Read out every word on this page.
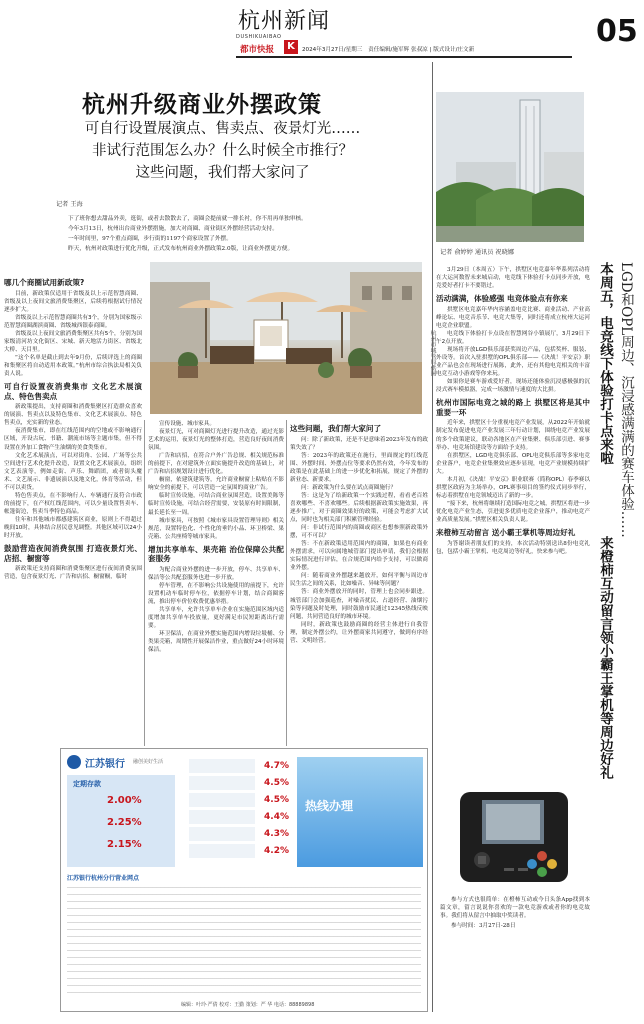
杭州新闻
DUSHIKUAIBAO
都市快报	K	2024年3月27日/星期三 责任编辑/施军辉 张叔凉 | 版式设计/庄文新
05
杭州升级商业外摆政策
可自行设置展演点、售卖点、夜景灯光……
非试行范围怎么办？什么时候全市推行？
这些问题，我们帮大家问了
记者 王海
下了班你想去甜品外卖，逛街，或者去散散去了，商圈会提前就一排长衬，你不用再单独审核。
今年3月13日，杭州出台商业外摆措施，加大对商圈、商业街区外摆经营活动支持。
一年时间里，97个重点商圈，步行街的1197个商家设置了外摆。
昨天，杭州对政策进行优化升级，正式发布杭州商业外摆政策2.0版，让商业外摆更方便。
哪几个商圈试用新政策?

目前，新政策仅适用于省级及以上示范智慧商圈、省级及以上夜间文旅消费集聚区，后续将根据试行情况逐步扩大。

省级及以上示范智慧商圈共有3个，分别为国家级示范智慧商圈湖滨商圈、省级城西银泰商圈。

省级及以上夜间文旅消费集聚区共有5个，分别为国家级清河坊文化街区、宋城、新天地活力街区、省级北大桥、天目里。

“这个名单是截止到去年9月份，后续评选上的商圈和集聚区将自动适用本政策。”杭州市综合执法局相关负责人说。

可自行设置夜消费集市 文化艺术展演点、特色售卖点

新政策提出，支持商圈和消费集聚区打造群众喜欢的展演、售卖点以及特色集市、文化艺术展演点、特色售卖点，充实新的业态。

夜消费集市，即在红线范围内的空地或不影响通行区域，开设古玩、书籍、潮流市场等主题市集，但不得设置在外加工食物产生油烟的美食类集市。

文化艺术展演点，可以对街角、公园、广场等公共空间进行艺术化提升改造，设置文化艺术展演点，组织文艺表演等，例如走街、声乐、舞蹈团，或者街头魔术、文艺展示、非遗展演以及地文化，体育等活动，但不可以卖货。

特色售卖点，在不影响行人、车辆通行及符合市政的前提下，在产权红线范围内，可以少量设置售卖车、帐篷街边，售卖当季特色商品。

往年和其他城市都感建筑区商业，原则上不得超过晚间10时，具体结合居民意见调整。其他区域可以24小时开放。

鼓励营造夜间消费氛围 打造夜景灯光、店招、橱窗等

新政策还支持商圈和消费集聚区进行夜间消费氛围营造，包含夜景灯光、广告和店招、橱窗橱，临时

宣传设施、城市家具。

夜景灯光，可对商圈灯光进行提升改造，通过光影艺术的运用，夜景灯光的整体打造，营造良好夜间消费氛围。

广告和店招，在符合户外广告总规、相关规范标准的前提下，在对建筑外立面实施提升改造的基础上，对广告和店招规划设计进行优化。

橱窗，依建筑建筑等，允许商业橱窗上粘贴在不影响安全的前提下，可以营造一定氛围的商业广告。

临时宣传设施，可结合商业氛围营造，设置美陈等临时宣传设施，可结合经营需要，安装原有时间限制，最长延长至一周。

城市家具，可按照《城市家具设置管理导则》相关规范，设置特色化、个性化的垂钓小品、环卫桥梁、果壳箱、公共座椅等城市家具。

增加共享单车、果壳箱 治位保障公共配套服务

为配合商业外摆的进一步开放，停车、共享单车、保洁等公共配套服务也进一步开放。

停车管理，在不影响公共设施使用的前提下，允许设置机动车临时停车位，依据停车计划，结合商圈客流，推出停车价位收费优惠举措。

共享单车，允许共享单车企业在实施范围区域内适度增加共享单车投放量，更好满足市民短距离出行需要。

环卫保洁，在商业外摆实施范围内增设垃圾桶、分类果壳箱，周期性开展保洁作业，重点做好24小时环境保洁。

这些问题，我们帮大家问了

问：除了新政策，还是不是意味着2023年发布的政策失效了？

答：2023年的政策还在施行，里面规定的红线范围、外摆时间、外摆点位等要求仍然有效，今年发布的政策是在此基础上的进一步优化和拓展，规定了外摆的新业态、新要求。

问：新政策为什么要在试点商圈施行？

答：这是为了给新政策一个实践过程，看看老百姓喜欢哪些、不喜欢哪些。后续根据新政策实施效果，再逐步推广，对于商圈效果好的政策，可能会考虑扩大试点，同时也为相关部门积累管理经验。

问：非试行范围内的商圈或商区也想参照新政策外摆，可不可以？

答：不在新政策适用范围内的商圈，如果也有商业外摆需求，可以向属地城管部门提出申请，我们会根据实际情况进行评估，在合规范围内给予支持，可以做商业外摆。

问：随着商业外摆越来越放开，如何平衡与周边市民生活之间的关系，比如噪音、异味等问题？

答：商业外摆放开的同时，管理上也会同步跟进。城管部门会加强巡查，对噪音扰民、占道经营、油烟污染等问题及时处理，同时鼓励市民通过12345热线反映问题，共同营造良好的城市环境。

同时，新政策也鼓励商圈的经营主体进行自我管理，制定外摆公约，让外摆商家共同遵守，做到有序经营、文明经营。

记者 俞婷婷 通讯员 祝晓娜
LGD和OPL周边、沉浸感满满的赛车体验……
本周五，电竞线下体验打卡点来啦
来橙柿互动留言领小霸王掌机等周边好礼

3月29日（本周五）下午，拱墅区电竞嘉年华系列活动将在大运河数智未来城启动，电竞线下体验打卡点同步开放，电竞爱好者打卡不要错过。

活动满满，体验感强 电竞体验点有你来

拱墅区电竞嘉年华内容涵盖电竞比赛、商业活动、产业高峰论坛、电竞音乐节、电竞大集等，同时还将成立杭州大运河电竞企业联盟。

电竞线下体验打卡点设在智慧网谷小镇展厅，3月29日下午2点开放。

现场将开放LGD俱乐部获奖周边产品，包括奖杯、服装、外设等。首次入驻拱墅的OPL俱乐部——《决战！平安京》职业产品也会在现场进行展陈，此外，还有其他电竞相关的丰富电竞互动小游戏等你来玩。

如果你是赛车游戏爱好者，现场还能体验沉浸感极强的沉浸式赛车模拟器，完成一场激情与速度的大比拼。

杭州市国际电竞之城的路上 拱墅区将是其中重要一环

近年来，拱墅区十分重视电竞产业发展，从2022年开始就制定发布促进电竞产业发展三年行动计划，围绕电竞产业发展的多个政策建议，联动各地区在产业集聚、俱乐部引进、赛事举办、电竞场馆建设等方面给予支持。

在拱墅区，LGD电竞俱乐部、OPL电竞俱乐部等多家电竞企业落户，电竞企业集聚效应逐步显现，电竞产业规模持续扩大。

本月初，《决战！平安京》职业联赛（简称OPL）春季赛以拱墅区政府为主场举办，OPL赛事项目的签约仪式同步举行，标志着拱墅在电竞领域迈出了新的一步。

“接下来，杭州将继续打造国际电竞之城，拱墅区将进一步优化电竞产业生态，引进更多优质电竞企业落户，推动电竞产业高质量发展。”拱墅区相关负责人说。

来橙柿互动留言 送小霸王掌机等周边好礼

为答谢读者朋友们的支持，本次活动特别送出8份电竞礼包，包括小霸王掌机、电竞周边等好礼，快来参与吧。

参与方式也很简单：在橙柿互动或今日头条App找到本篇文章，留言说说你喜欢的一款电竞游戏或者你的电竞故事。我们将从留言中抽取中奖读者。

参与时间：3月27日-28日

江苏银行 融创美好生活
定期存款
2.00%
2.25%
2.15%
4.7%
4.5%
4.5%
4.4%
4.3%
4.2%
热线办理
江苏银行杭州分行营业网点
编辑：叶玲·严倩 校对：王勤 策划：严 华 电话：88889898
